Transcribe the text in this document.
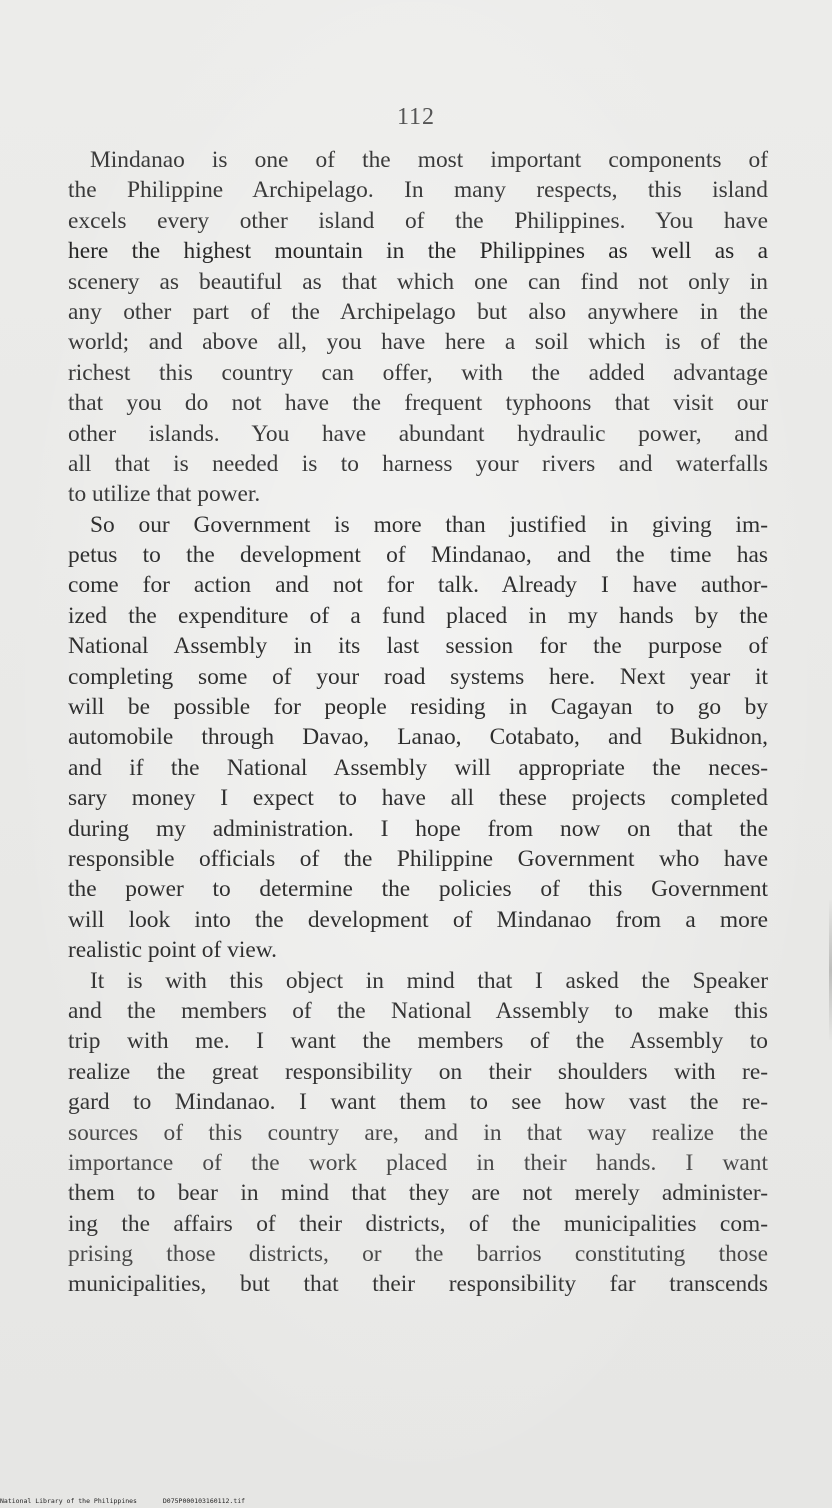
112
Mindanao is one of the most important components of
the Philippine Archipelago. In many respects, this island
excels every other island of the Philippines. You have
here the highest mountain in the Philippines as well as a
scenery as beautiful as that which one can find not only in
any other part of the Archipelago but also anywhere in the
world; and above all, you have here a soil which is of the
richest this country can offer, with the added advantage
that you do not have the frequent typhoons that visit our
other islands. You have abundant hydraulic power, and
all that is needed is to harness your rivers and waterfalls
to utilize that power.
So our Government is more than justified in giving im-
petus to the development of Mindanao, and the time has
come for action and not for talk. Already I have author-
ized the expenditure of a fund placed in my hands by the
National Assembly in its last session for the purpose of
completing some of your road systems here. Next year it
will be possible for people residing in Cagayan to go by
automobile through Davao, Lanao, Cotabato, and Bukidnon,
and if the National Assembly will appropriate the neces-
sary money I expect to have all these projects completed
during my administration. I hope from now on that the
responsible officials of the Philippine Government who have
the power to determine the policies of this Government
will look into the development of Mindanao from a more
realistic point of view.
It is with this object in mind that I asked the Speaker
and the members of the National Assembly to make this
trip with me. I want the members of the Assembly to
realize the great responsibility on their shoulders with re-
gard to Mindanao. I want them to see how vast the re-
sources of this country are, and in that way realize the
importance of the work placed in their hands. I want
them to bear in mind that they are not merely administer-
ing the affairs of their districts, of the municipalities com-
prising those districts, or the barrios constituting those
municipalities, but that their responsibility far transcends
National Library of the Philippines	D075P000103160112.tif
